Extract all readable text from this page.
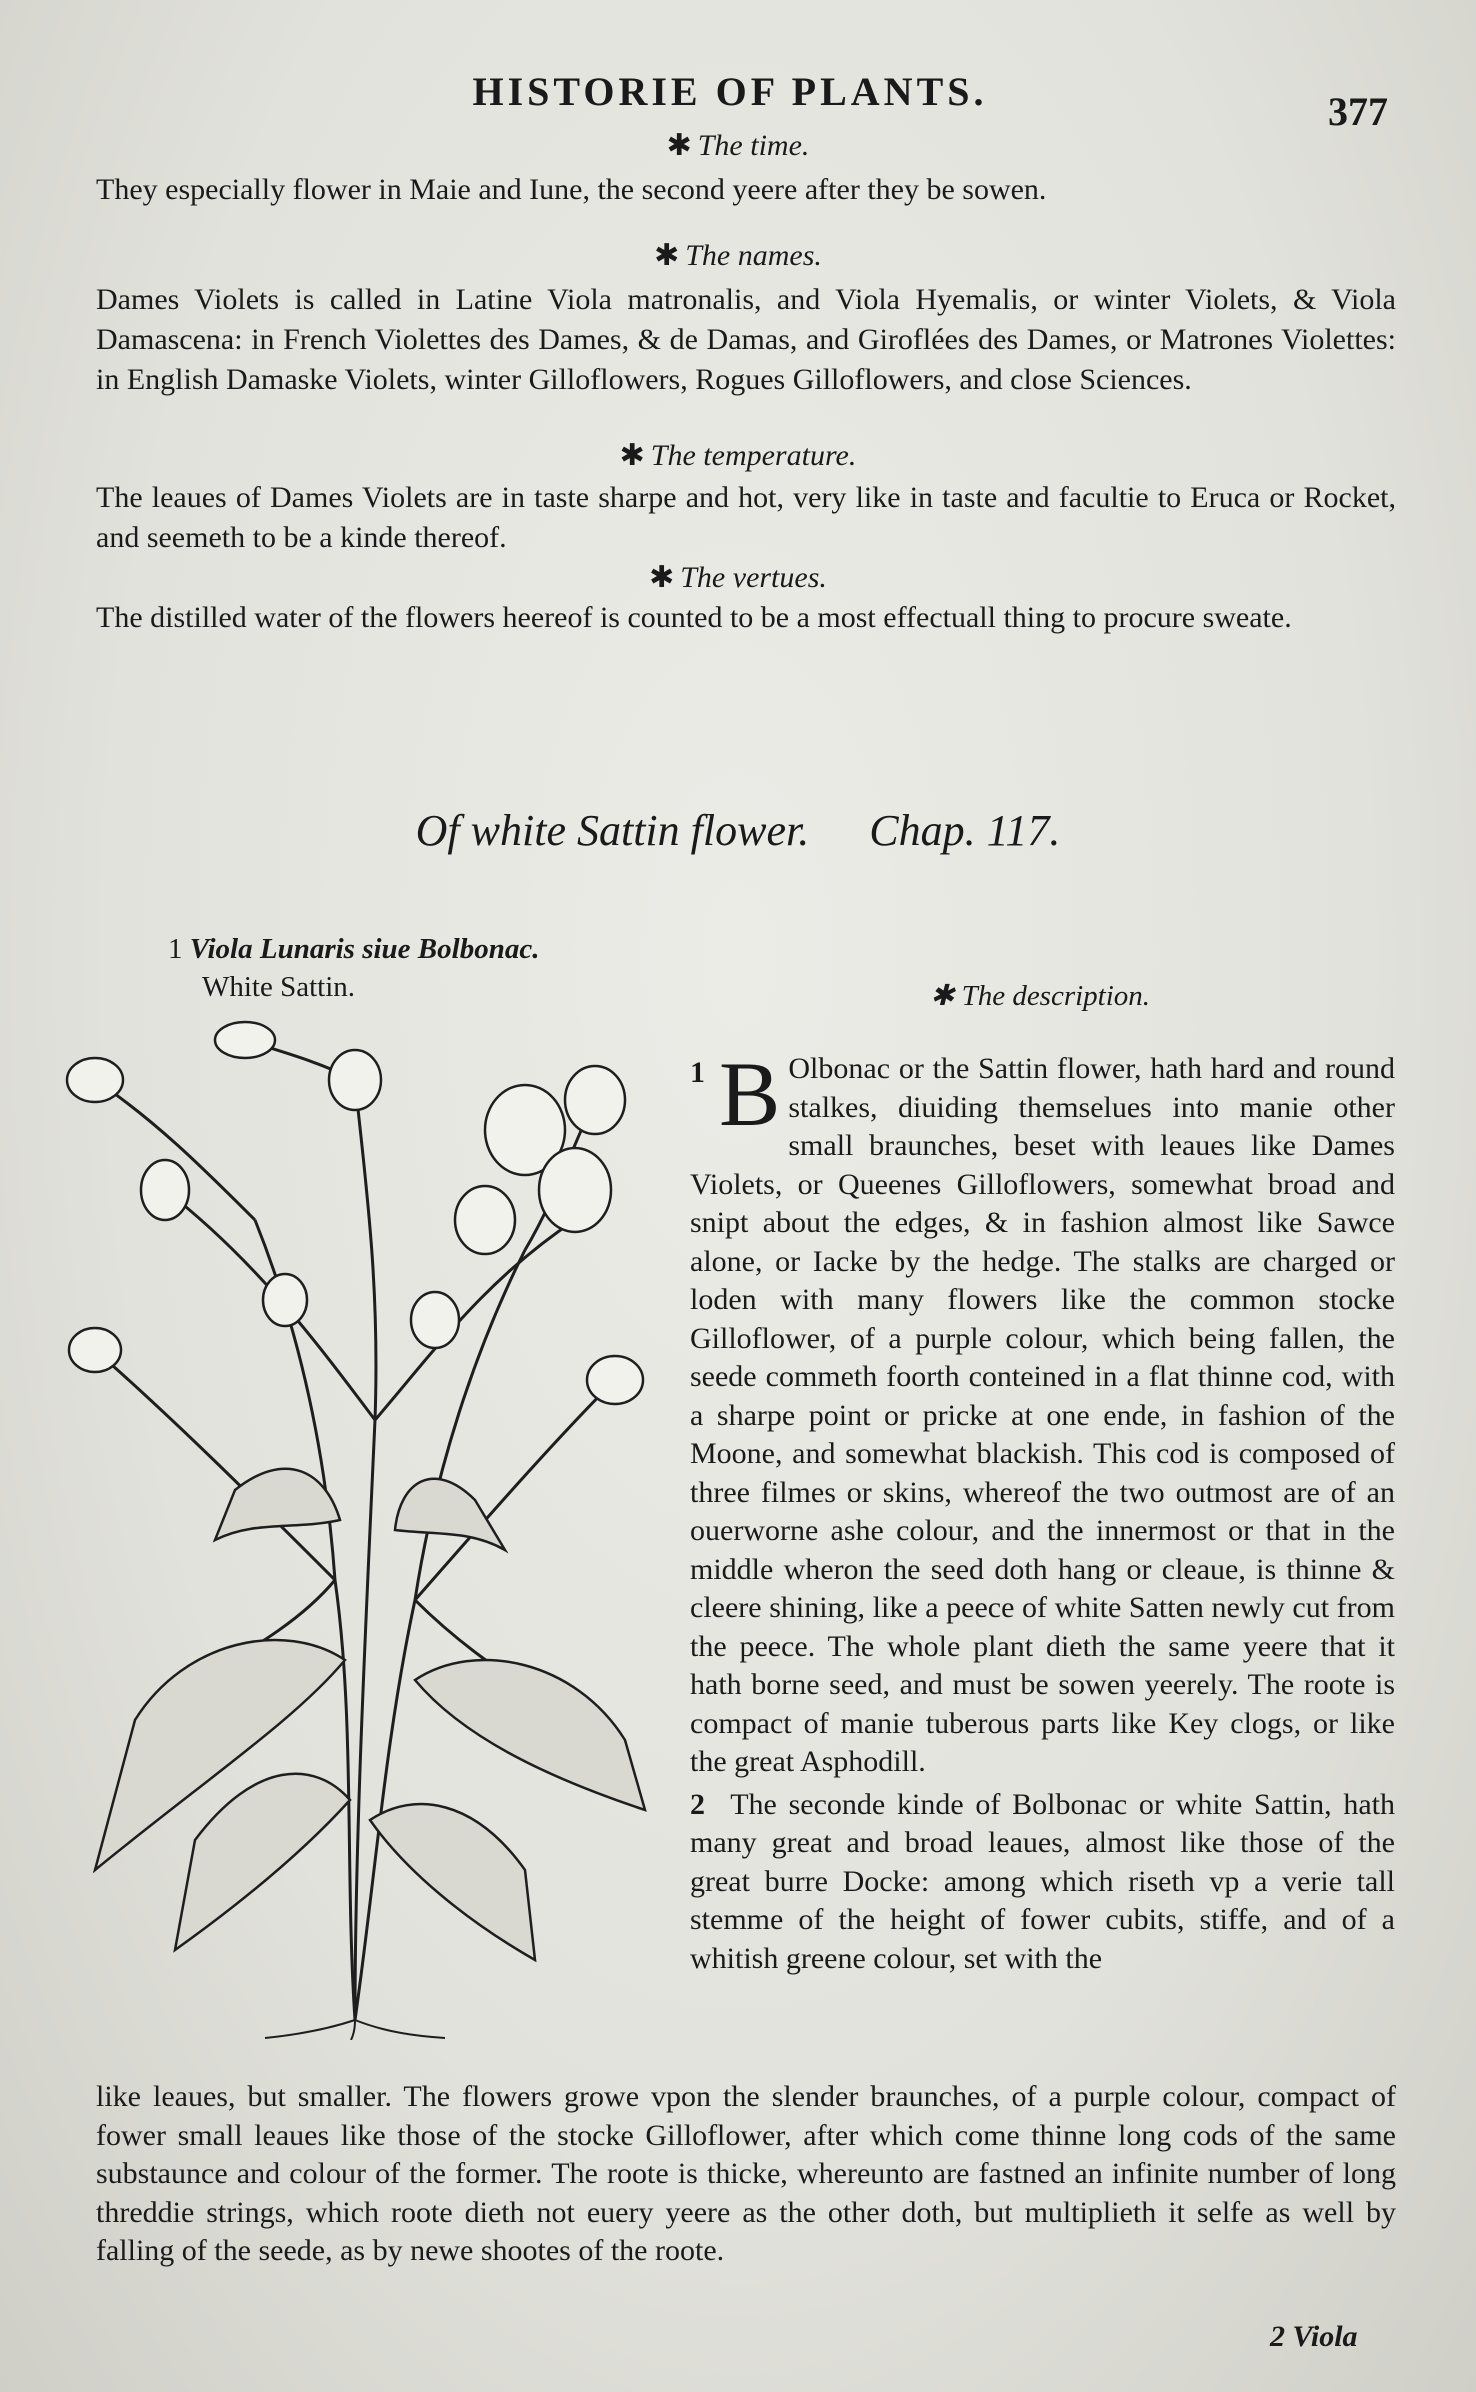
HISTORIE OF PLANTS.	377
✱ The time.
They especially flower in Maie and Iune, the second yeere after they be sowen.
✱ The names.
Dames Violets is called in Latine Viola matronalis, and Viola Hyemalis, or winter Violets, & Viola Damascena: in French Violettes des Dames, & de Damas, and Giroflées des Dames, or Matrones Violettes: in English Damaske Violets, winter Gilloflowers, Rogues Gilloflowers, and close Sciences.
✱ The temperature.
The leaues of Dames Violets are in taste sharpe and hot, very like in taste and facultie to Eruca or Rocket, and seemeth to be a kinde thereof.
✱ The vertues.
The distilled water of the flowers heereof is counted to be a most effectuall thing to procure sweate.
Of white Sattin flower. Chap. 117.
1 Viola Lunaris siue Bolbonac.
White Sattin.	✱ The description.
1 B Olbonac or the Sattin flower, hath hard and round stalkes, diuiding themselues into manie other small braunches, beset with leaues like Dames Violets, or Queenes Gilloflowers, somewhat broad and snipt about the edges, & in fashion almost like Sawce alone, or Iacke by the hedge. The stalks are charged or loden with many flowers like the common stocke Gilloflower, of a purple colour, which being fallen, the seede commeth foorth conteined in a flat thinne cod, with a sharpe point or pricke at one ende, in fashion of the Moone, and somewhat blackish. This cod is composed of three filmes or skins, whereof the two outmost are of an ouerworne ashe colour, and the innermost or that in the middle wheron the seed doth hang or cleaue, is thinne & cleere shining, like a peece of white Satten newly cut from the peece. The whole plant dieth the same yeere that it hath borne seed, and must be sowen yeerely. The roote is compact of manie tuberous parts like Key clogs, or like the great Asphodill.
2 The seconde kinde of Bolbonac or white Sattin, hath many great and broad leaues, almost like those of the great burre Docke: among which riseth vp a verie tall stemme of the height of fower cubits, stiffe, and of a whitish greene colour, set with the
like leaues, but smaller. The flowers growe vpon the slender braunches, of a purple colour, compact of fower small leaues like those of the stocke Gilloflower, after which come thinne long cods of the same substaunce and colour of the former. The roote is thicke, whereunto are fastned an infinite number of long threddie strings, which roote dieth not euery yeere as the other doth, but multiplieth it selfe as well by falling of the seede, as by newe shootes of the roote.
2 Viola
